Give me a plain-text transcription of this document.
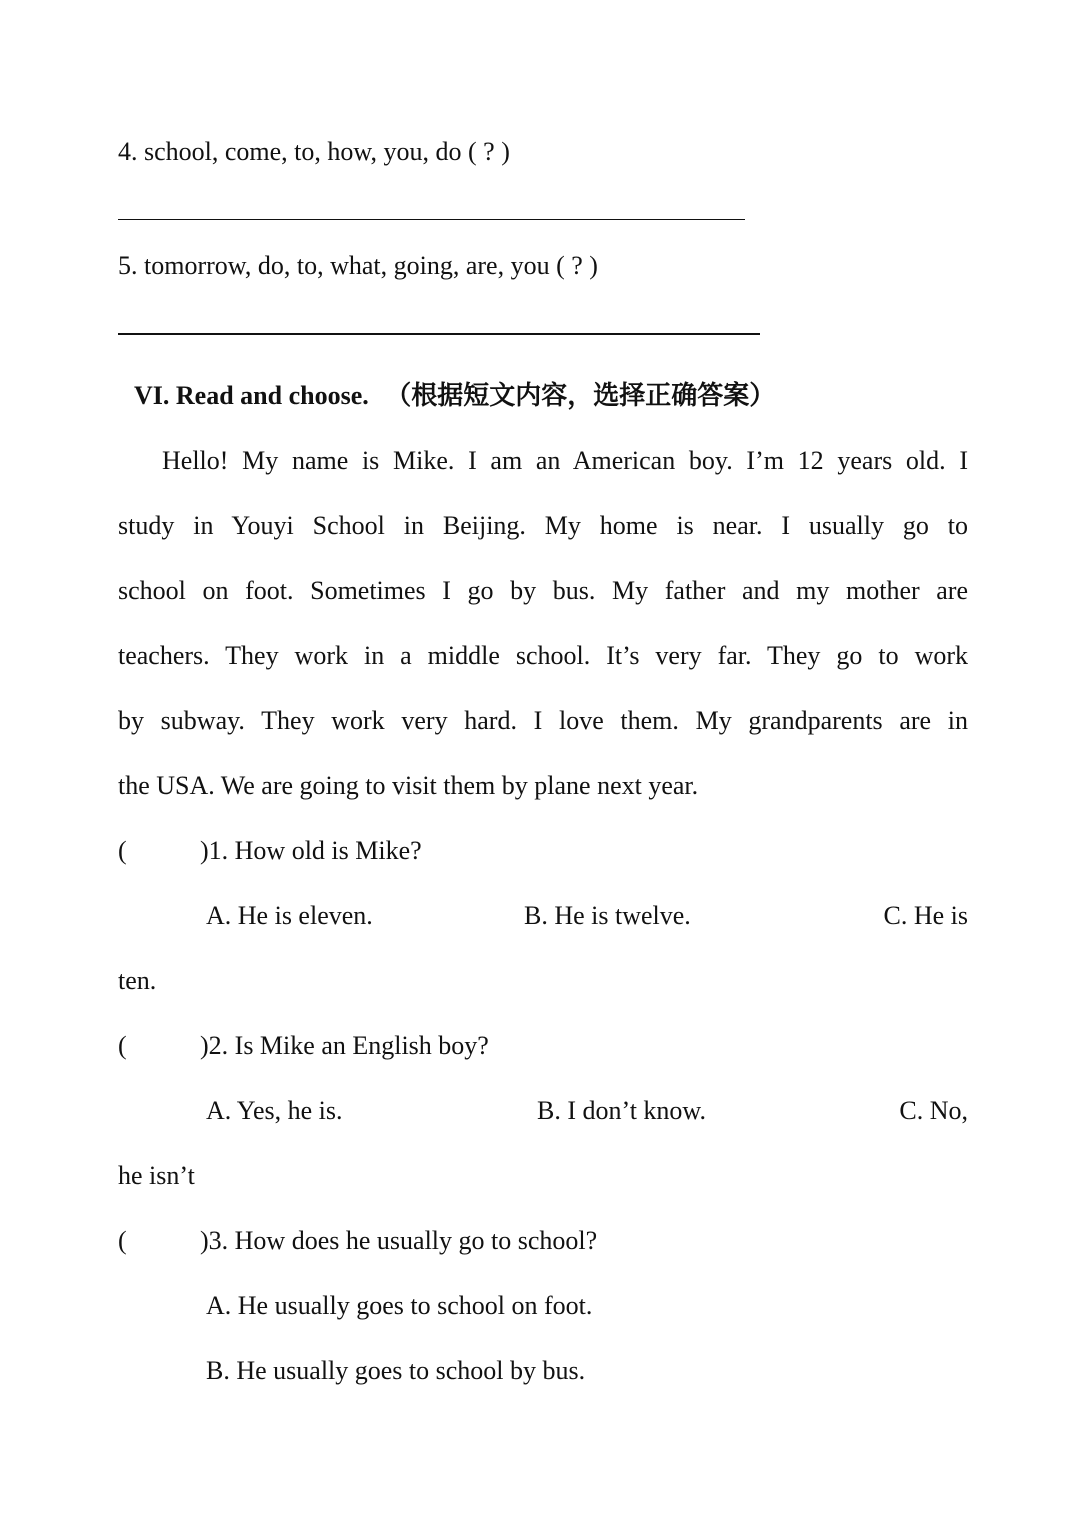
4. school, come, to, how, you, do ( ? )
5. tomorrow, do, to, what, going, are, you ( ? )
VI. Read and choose. （根据短文内容，选择正确答案）
Hello! My name is Mike. I am an American boy. I’m 12 years old. I
study in Youyi School in Beijing. My home is near. I usually go to
school on foot. Sometimes I go by bus. My father and my mother are
teachers. They work in a middle school. It’s very far. They go to work
by subway. They work very hard. I love them. My grandparents are in
the USA. We are going to visit them by plane next year.
(	)1. How old is Mike?
A. He is eleven.	B. He is twelve.	C. He is
ten.
(	)2. Is Mike an English boy?
A. Yes, he is.	B. I don’t know.	C. No,
he isn’t
(	)3. How does he usually go to school?
A. He usually goes to school on foot.
B. He usually goes to school by bus.
